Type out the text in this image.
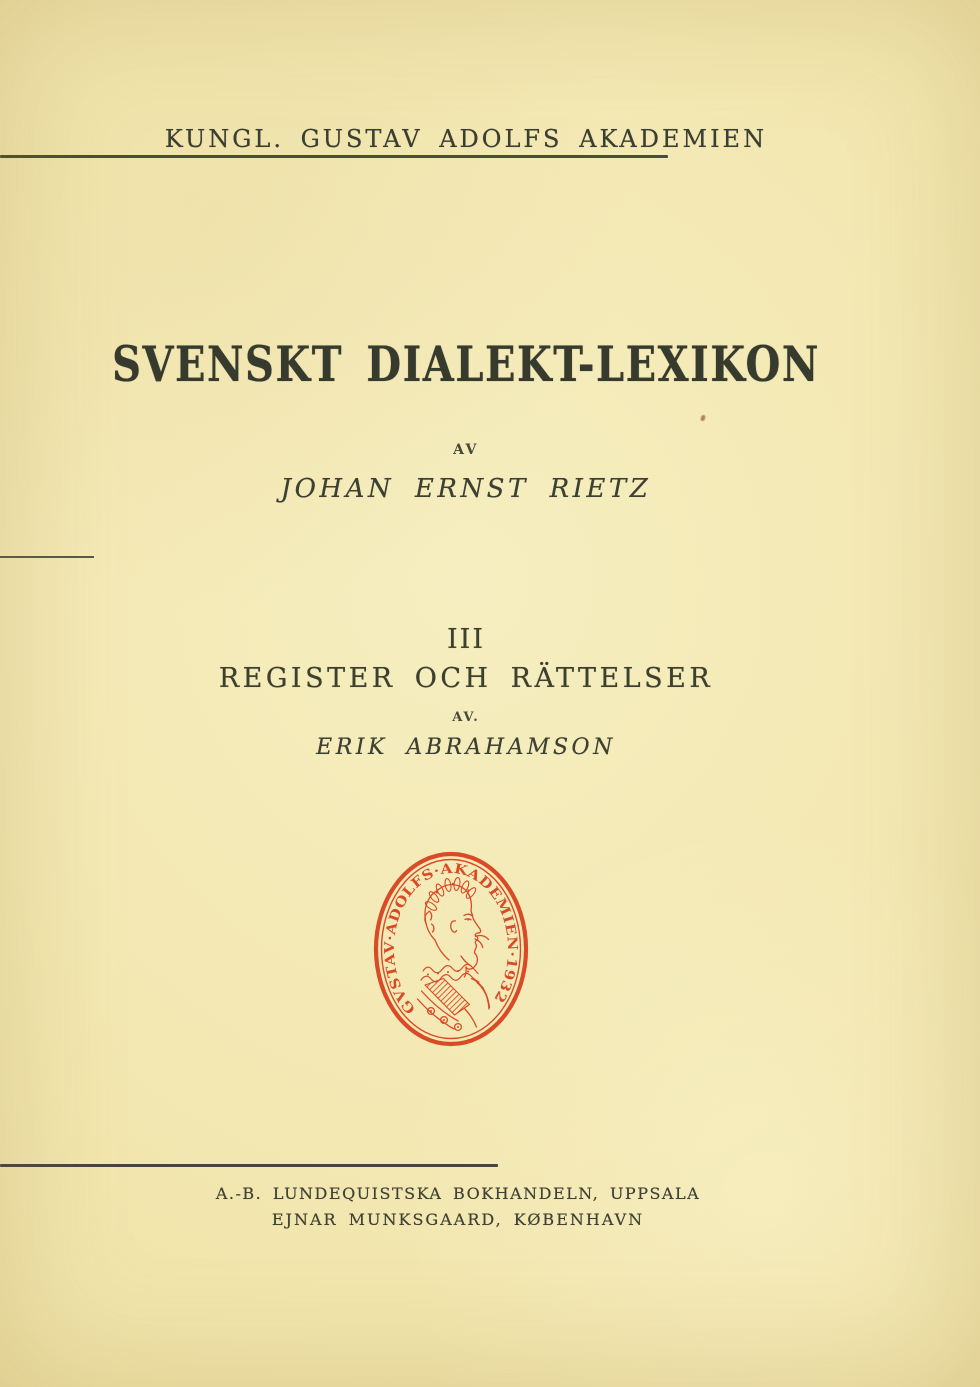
KUNGL. GUSTAV ADOLFS AKADEMIEN
SVENSKT DIALEKT-LEXIKON
AV
JOHAN ERNST RIETZ
III
REGISTER OCH RÄTTELSER
AV.
ERIK ABRAHAMSON
GVSTAV·ADOLFS·AKADEMIEN·1932
A.-B. LUNDEQUISTSKA BOKHANDELN, UPPSALA
EJNAR MUNKSGAARD, KØBENHAVN
